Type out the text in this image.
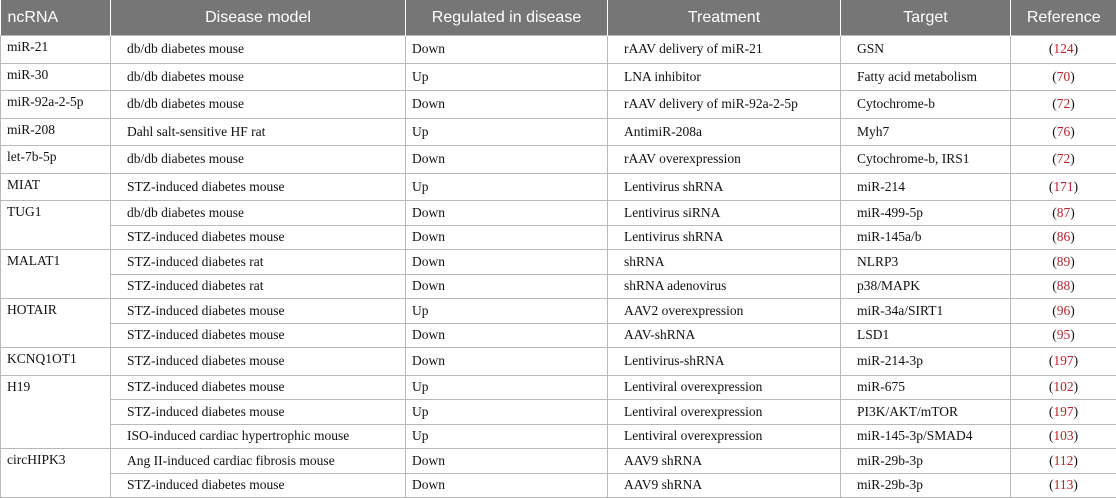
ncRNA	Disease model	Regulated in disease	Treatment	Target	Reference
miR-21	db/db diabetes mouse	Down	rAAV delivery of miR-21	GSN	(124)
miR-30	db/db diabetes mouse	Up	LNA inhibitor	Fatty acid metabolism	(70)
miR-92a-2-5p	db/db diabetes mouse	Down	rAAV delivery of miR-92a-2-5p	Cytochrome-b	(72)
miR-208	Dahl salt-sensitive HF rat	Up	AntimiR-208a	Myh7	(76)
let-7b-5p	db/db diabetes mouse	Down	rAAV overexpression	Cytochrome-b, IRS1	(72)
MIAT	STZ-induced diabetes mouse	Up	Lentivirus shRNA	miR-214	(171)
TUG1	db/db diabetes mouse	Down	Lentivirus siRNA	miR-499-5p	(87)
	STZ-induced diabetes mouse	Down	Lentivirus shRNA	miR-145a/b	(86)
MALAT1	STZ-induced diabetes rat	Down	shRNA	NLRP3	(89)
	STZ-induced diabetes rat	Down	shRNA adenovirus	p38/MAPK	(88)
HOTAIR	STZ-induced diabetes mouse	Up	AAV2 overexpression	miR-34a/SIRT1	(96)
	STZ-induced diabetes mouse	Down	AAV-shRNA	LSD1	(95)
KCNQ1OT1	STZ-induced diabetes mouse	Down	Lentivirus-shRNA	miR-214-3p	(197)
H19	STZ-induced diabetes mouse	Up	Lentiviral overexpression	miR-675	(102)
	STZ-induced diabetes mouse	Up	Lentiviral overexpression	PI3K/AKT/mTOR	(197)
	ISO-induced cardiac hypertrophic mouse	Up	Lentiviral overexpression	miR-145-3p/SMAD4	(103)
circHIPK3	Ang II-induced cardiac fibrosis mouse	Down	AAV9 shRNA	miR-29b-3p	(112)
	STZ-induced diabetes mouse	Down	AAV9 shRNA	miR-29b-3p	(113)
